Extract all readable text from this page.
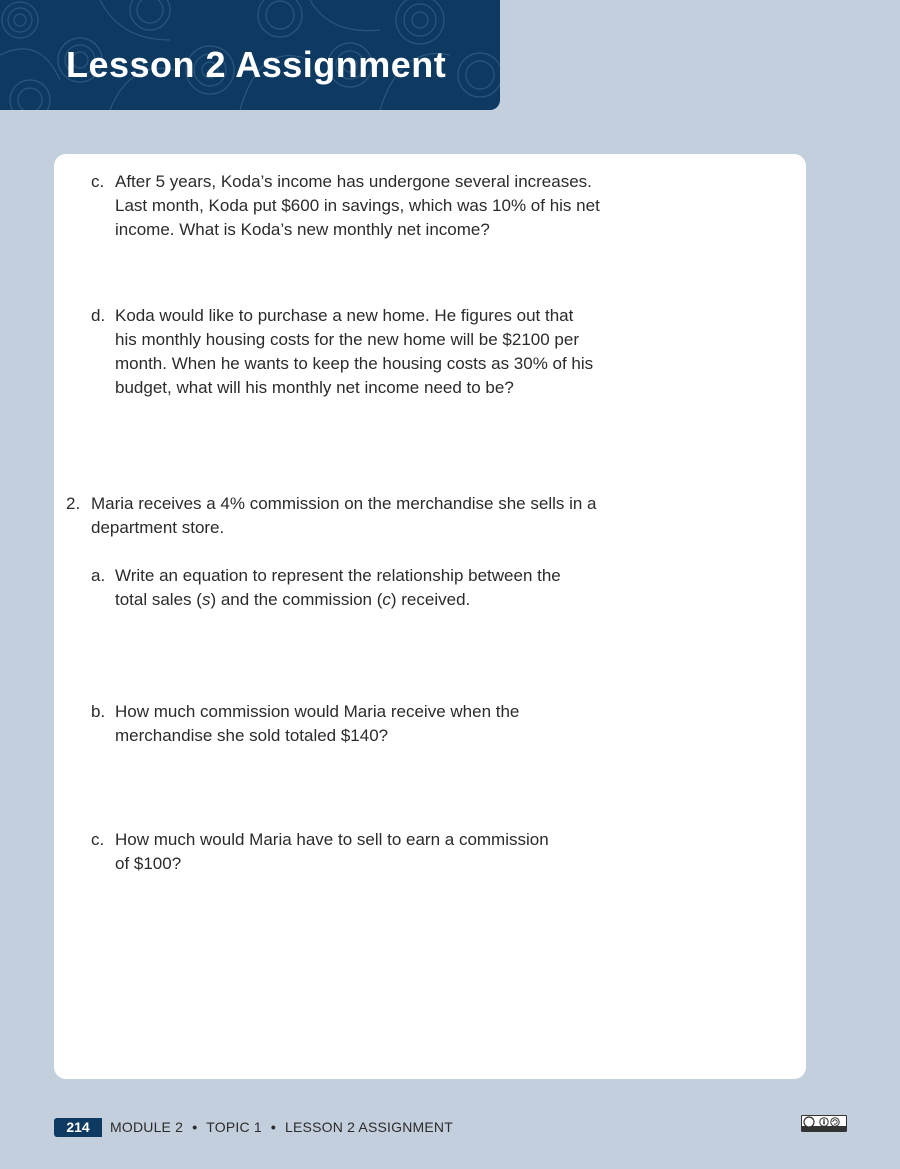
Lesson 2 Assignment
c. After 5 years, Koda’s income has undergone several increases.
Last month, Koda put $600 in savings, which was 10% of his net
income. What is Koda’s new monthly net income?
d. Koda would like to purchase a new home. He figures out that
his monthly housing costs for the new home will be $2100 per
month. When he wants to keep the housing costs as 30% of his
budget, what will his monthly net income need to be?
2. Maria receives a 4% commission on the merchandise she sells in a
department store.
a. Write an equation to represent the relationship between the
total sales (s) and the commission (c) received.
b. How much commission would Maria receive when the
merchandise she sold totaled $140?
c. How much would Maria have to sell to earn a commission
of $100?
214	MODULE 2 • TOPIC 1 • LESSON 2 ASSIGNMENT
